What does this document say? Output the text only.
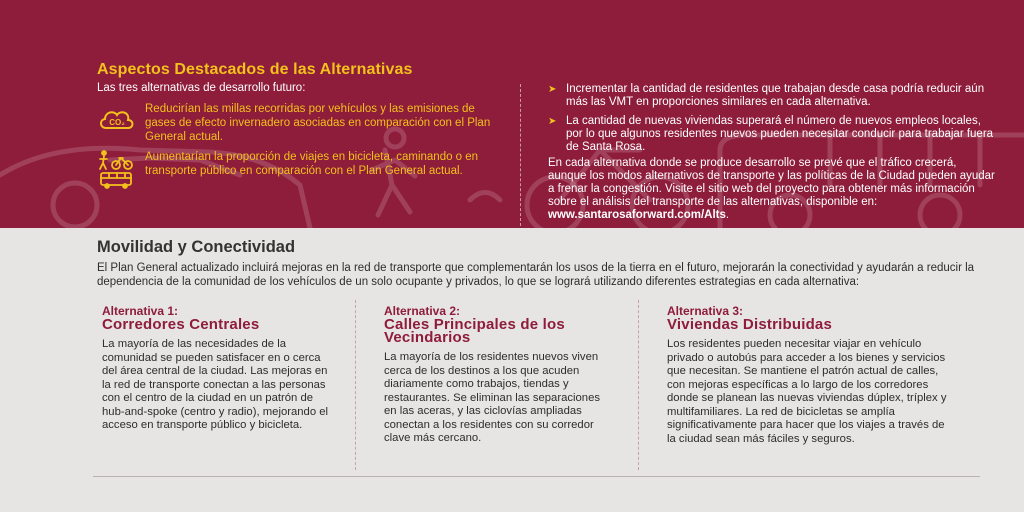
Aspectos Destacados de las Alternativas
Las tres alternativas de desarrollo futuro:
CO₂
Reducirían las millas recorridas por vehículos y las emisiones de gases de efecto invernadero asociadas en comparación con el Plan General actual.
Aumentarían la proporción de viajes en bicicleta, caminando o en transporte público en comparación con el Plan General actual.
➤ Incrementar la cantidad de residentes que trabajan desde casa podría reducir aún más las VMT en proporciones similares en cada alternativa.
➤ La cantidad de nuevas viviendas superará el número de nuevos empleos locales, por lo que algunos residentes nuevos pueden necesitar conducir para trabajar fuera de Santa Rosa.
En cada alternativa donde se produce desarrollo se prevé que el tráfico crecerá, aunque los modos alternativos de transporte y las políticas de la Ciudad pueden ayudar a frenar la congestión. Visite el sitio web del proyecto para obtener más información sobre el análisis del transporte de las alternativas, disponible en: www.santarosaforward.com/Alts.
Movilidad y Conectividad
El Plan General actualizado incluirá mejoras en la red de transporte que complementarán los usos de la tierra en el futuro, mejorarán la conectividad y ayudarán a reducir la dependencia de la comunidad de los vehículos de un solo ocupante y privados, lo que se logrará utilizando diferentes estrategias en cada alternativa:
Alternativa 1:
Corredores Centrales
La mayoría de las necesidades de la comunidad se pueden satisfacer en o cerca del área central de la ciudad. Las mejoras en la red de transporte conectan a las personas con el centro de la ciudad en un patrón de hub-and-spoke (centro y radio), mejorando el acceso en transporte público y bicicleta.
Alternativa 2:
Calles Principales de los Vecindarios
La mayoría de los residentes nuevos viven cerca de los destinos a los que acuden diariamente como trabajos, tiendas y restaurantes. Se eliminan las separaciones en las aceras, y las ciclovías ampliadas conectan a los residentes con su corredor clave más cercano.
Alternativa 3:
Viviendas Distribuidas
Los residentes pueden necesitar viajar en vehículo privado o autobús para acceder a los bienes y servicios que necesitan. Se mantiene el patrón actual de calles, con mejoras específicas a lo largo de los corredores donde se planean las nuevas viviendas dúplex, tríplex y multifamiliares. La red de bicicletas se amplía significativamente para hacer que los viajes a través de la ciudad sean más fáciles y seguros.
